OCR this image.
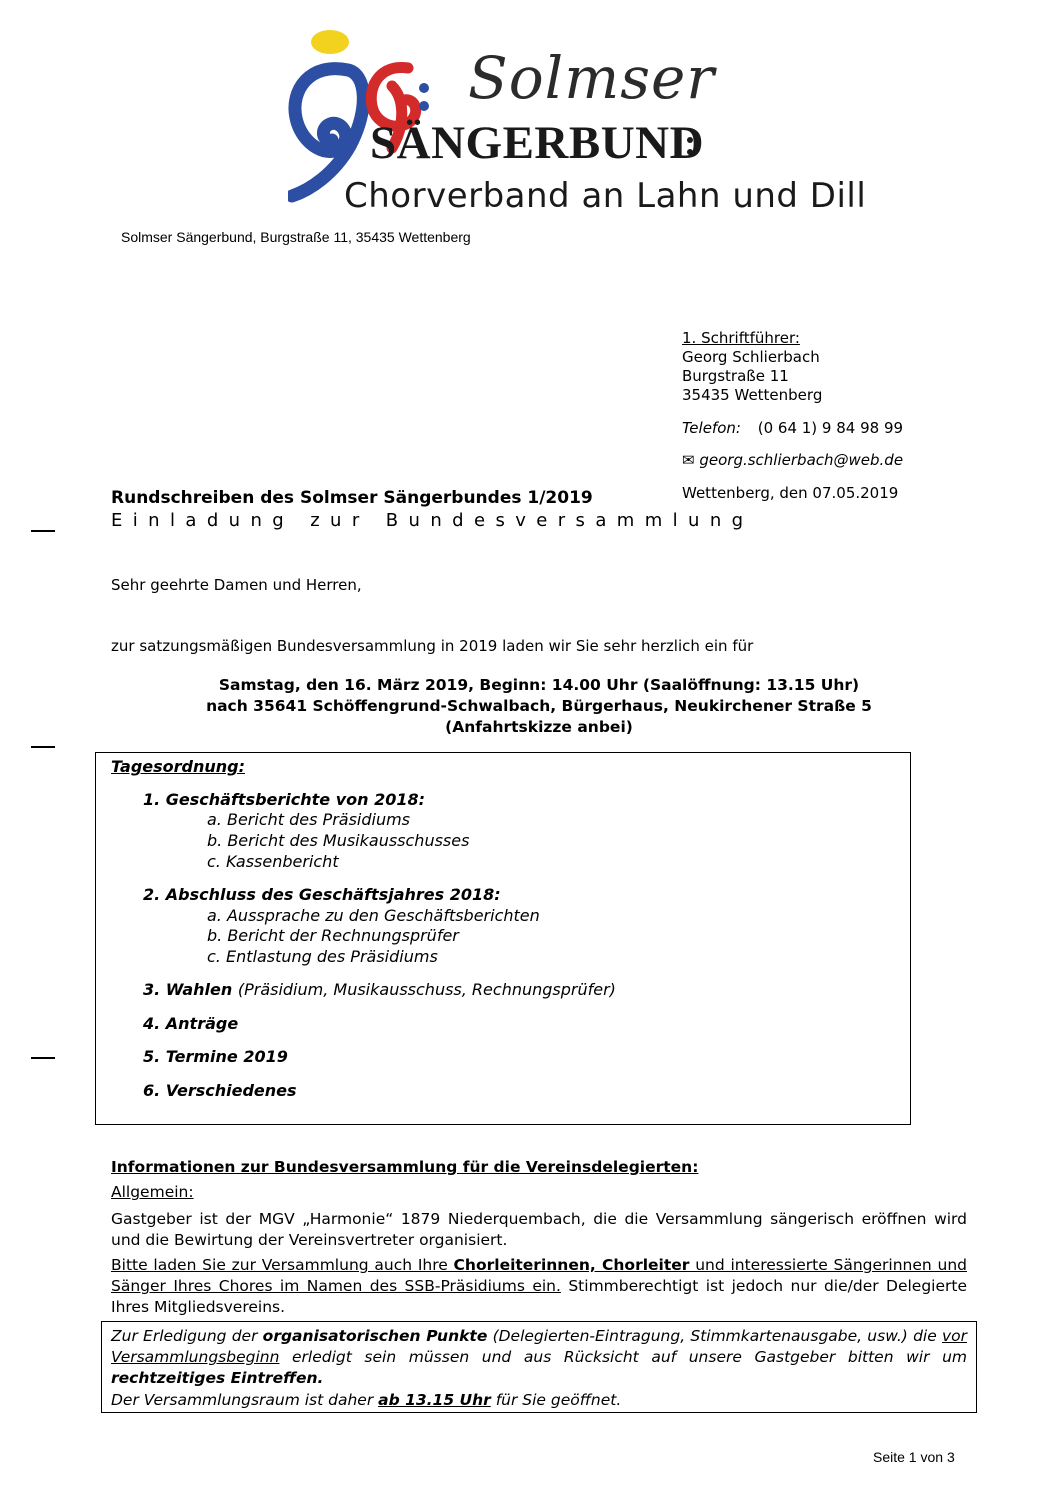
Solmser
SÄNGERBUND
Chorverband an Lahn und Dill
Solmser Sängerbund, Burgstraße 11, 35435 Wettenberg
1. Schriftführer:
Georg Schlierbach
Burgstraße 11
35435 Wettenberg
Telefon: (0 64 1) 9 84 98 99
✉ georg.schlierbach@web.de
Wettenberg, den 07.05.2019
Rundschreiben des Solmser Sängerbundes 1/2019
Einladung zur Bundesversammlung
Sehr geehrte Damen und Herren,
zur satzungsmäßigen Bundesversammlung in 2019 laden wir Sie sehr herzlich ein für
Samstag, den 16. März 2019, Beginn: 14.00 Uhr (Saalöffnung: 13.15 Uhr)
nach 35641 Schöffengrund-Schwalbach, Bürgerhaus, Neukirchener Straße 5
(Anfahrtskizze anbei)
Tagesordnung:
1. Geschäftsberichte von 2018:
a. Bericht des Präsidiums
b. Bericht des Musikausschusses
c. Kassenbericht
2. Abschluss des Geschäftsjahres 2018:
a. Aussprache zu den Geschäftsberichten
b. Bericht der Rechnungsprüfer
c. Entlastung des Präsidiums
3. Wahlen (Präsidium, Musikausschuss, Rechnungsprüfer)
4. Anträge
5. Termine 2019
6. Verschiedenes
Informationen zur Bundesversammlung für die Vereinsdelegierten:
Allgemein:
Gastgeber ist der MGV „Harmonie“ 1879 Niederquembach, die die Versammlung sängerisch eröffnen wird und die Bewirtung der Vereinsvertreter organisiert.
Bitte laden Sie zur Versammlung auch Ihre Chorleiterinnen, Chorleiter und interessierte Sängerinnen und Sänger Ihres Chores im Namen des SSB-Präsidiums ein. Stimmberechtigt ist jedoch nur die/der Delegierte Ihres Mitgliedsvereins.
Zur Erledigung der organisatorischen Punkte (Delegierten-Eintragung, Stimmkartenausgabe, usw.) die vor Versammlungsbeginn erledigt sein müssen und aus Rücksicht auf unsere Gastgeber bitten wir um rechtzeitiges Eintreffen.
Der Versammlungsraum ist daher ab 13.15 Uhr für Sie geöffnet.
Seite 1 von 3
